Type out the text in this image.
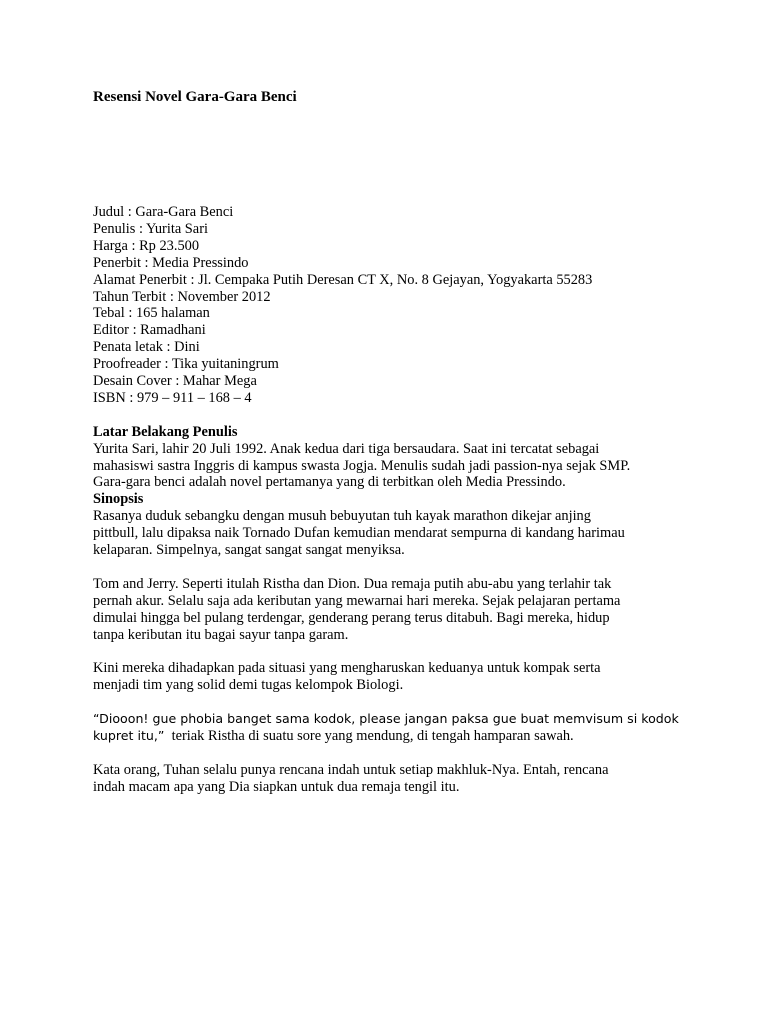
Resensi Novel Gara-Gara Benci
Judul : Gara-Gara Benci
Penulis : Yurita Sari
Harga : Rp 23.500
Penerbit : Media Pressindo
Alamat Penerbit : Jl. Cempaka Putih Deresan CT X, No. 8 Gejayan, Yogyakarta 55283
Tahun Terbit : November 2012
Tebal : 165 halaman
Editor : Ramadhani
Penata letak : Dini
Proofreader : Tika yuitaningrum
Desain Cover : Mahar Mega
ISBN : 979 – 911 – 168 – 4
Latar Belakang Penulis
Yurita Sari, lahir 20 Juli 1992. Anak kedua dari tiga bersaudara. Saat ini tercatat sebagai
mahasiswi sastra Inggris di kampus swasta Jogja. Menulis sudah jadi passion-nya sejak SMP.
Gara-gara benci adalah novel pertamanya yang di terbitkan oleh Media Pressindo.
Sinopsis
Rasanya duduk sebangku dengan musuh bebuyutan tuh kayak marathon dikejar anjing
pittbull, lalu dipaksa naik Tornado Dufan kemudian mendarat sempurna di kandang harimau
kelaparan. Simpelnya, sangat sangat sangat menyiksa.
Tom and Jerry. Seperti itulah Ristha dan Dion. Dua remaja putih abu-abu yang terlahir tak
pernah akur. Selalu saja ada keributan yang mewarnai hari mereka. Sejak pelajaran pertama
dimulai hingga bel pulang terdengar, genderang perang terus ditabuh. Bagi mereka, hidup
tanpa keributan itu bagai sayur tanpa garam.
Kini mereka dihadapkan pada situasi yang mengharuskan keduanya untuk kompak serta
menjadi tim yang solid demi tugas kelompok Biologi.
“Diooon! gue phobia banget sama kodok, please jangan paksa gue buat memvisum si kodok
kupret itu,”  teriak Ristha di suatu sore yang mendung, di tengah hamparan sawah.
Kata orang, Tuhan selalu punya rencana indah untuk setiap makhluk-Nya. Entah, rencana
indah macam apa yang Dia siapkan untuk dua remaja tengil itu.
